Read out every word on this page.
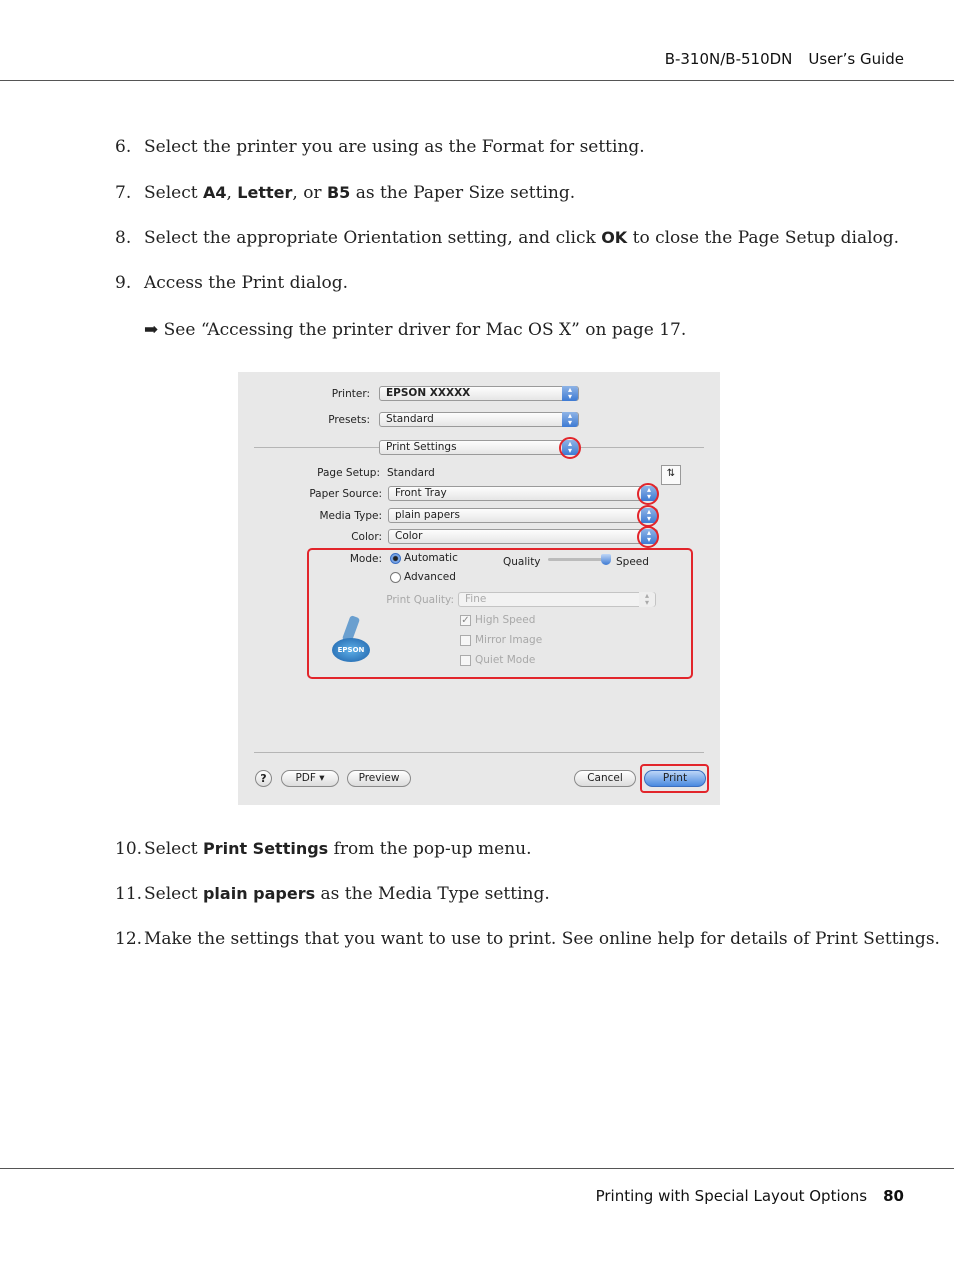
B-310N/B-510DN User’s Guide
6. Select the printer you are using as the Format for setting.
7. Select A4, Letter, or B5 as the Paper Size setting.
8. Select the appropriate Orientation setting, and click OK to close the Page Setup dialog.
9. Access the Print dialog.
➡ See “Accessing the printer driver for Mac OS X” on page 17.
Printer:	EPSON XXXXX	▴
▾
Presets:	Standard	▴
▾
Print Settings	▴
▾
Page Setup: Standard	⇅
Paper Source:	Front Tray	▴
▾
Media Type:	plain papers	▴
▾
Color:	Color	▴
▾
Mode: Automatic
Advanced
Quality	Speed
Print Quality:	Fine	▴
▾
✓ High Speed
Mirror Image
Quiet Mode
EPSON
?	PDF ▾	Preview	Cancel	Print
10. Select Print Settings from the pop-up menu.
11. Select plain papers as the Media Type setting.
12. Make the settings that you want to use to print. See online help for details of Print Settings.
Printing with Special Layout Options 80
